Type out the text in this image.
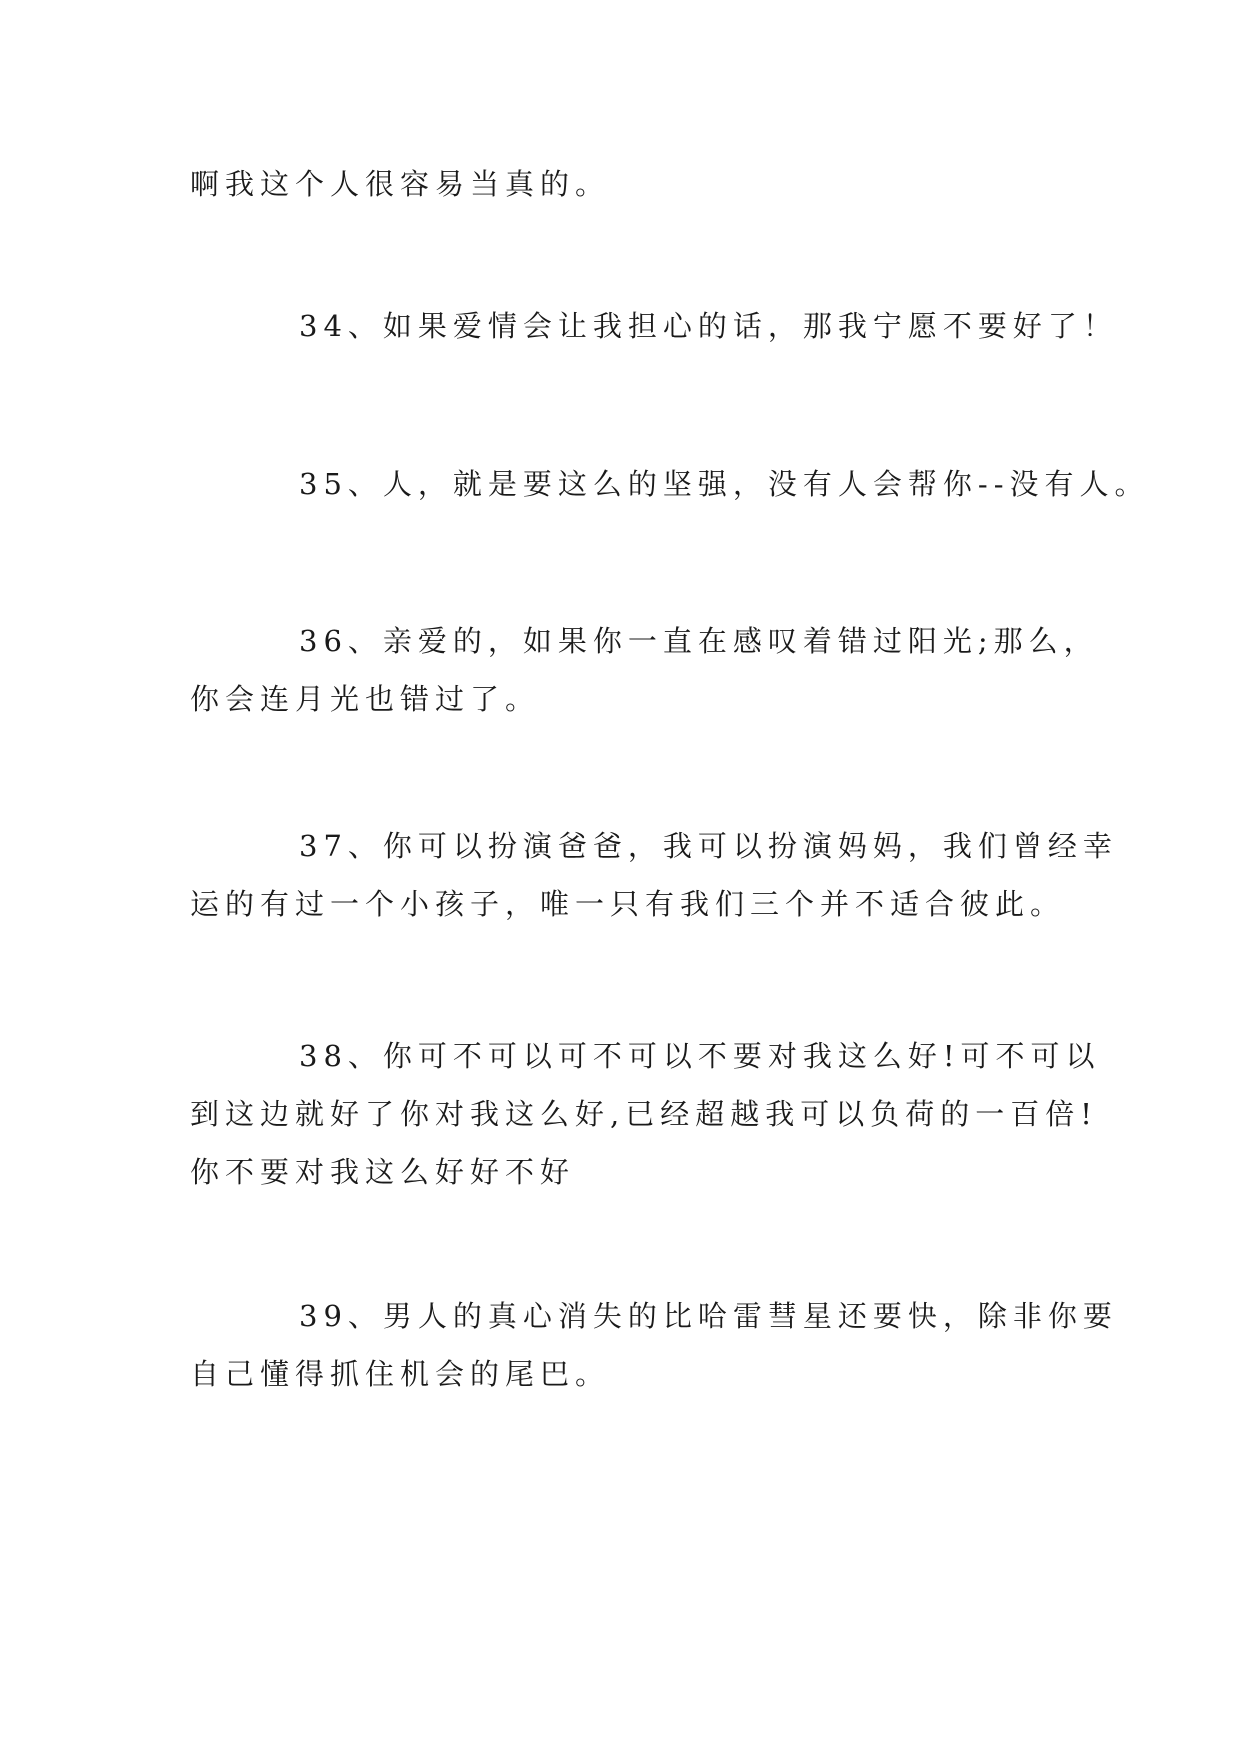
啊我这个人很容易当真的。

34、如果爱情会让我担心的话，那我宁愿不要好了！

35、人，就是要这么的坚强，没有人会帮你--没有人。

36、亲爱的，如果你一直在感叹着错过阳光;那么，
你会连月光也错过了。

37、你可以扮演爸爸，我可以扮演妈妈，我们曾经幸
运的有过一个小孩子，唯一只有我们三个并不适合彼此。

38、你可不可以可不可以不要对我这么好!可不可以
到这边就好了你对我这么好,已经超越我可以负荷的一百倍!
你不要对我这么好好不好

39、男人的真心消失的比哈雷彗星还要快，除非你要
自己懂得抓住机会的尾巴。
